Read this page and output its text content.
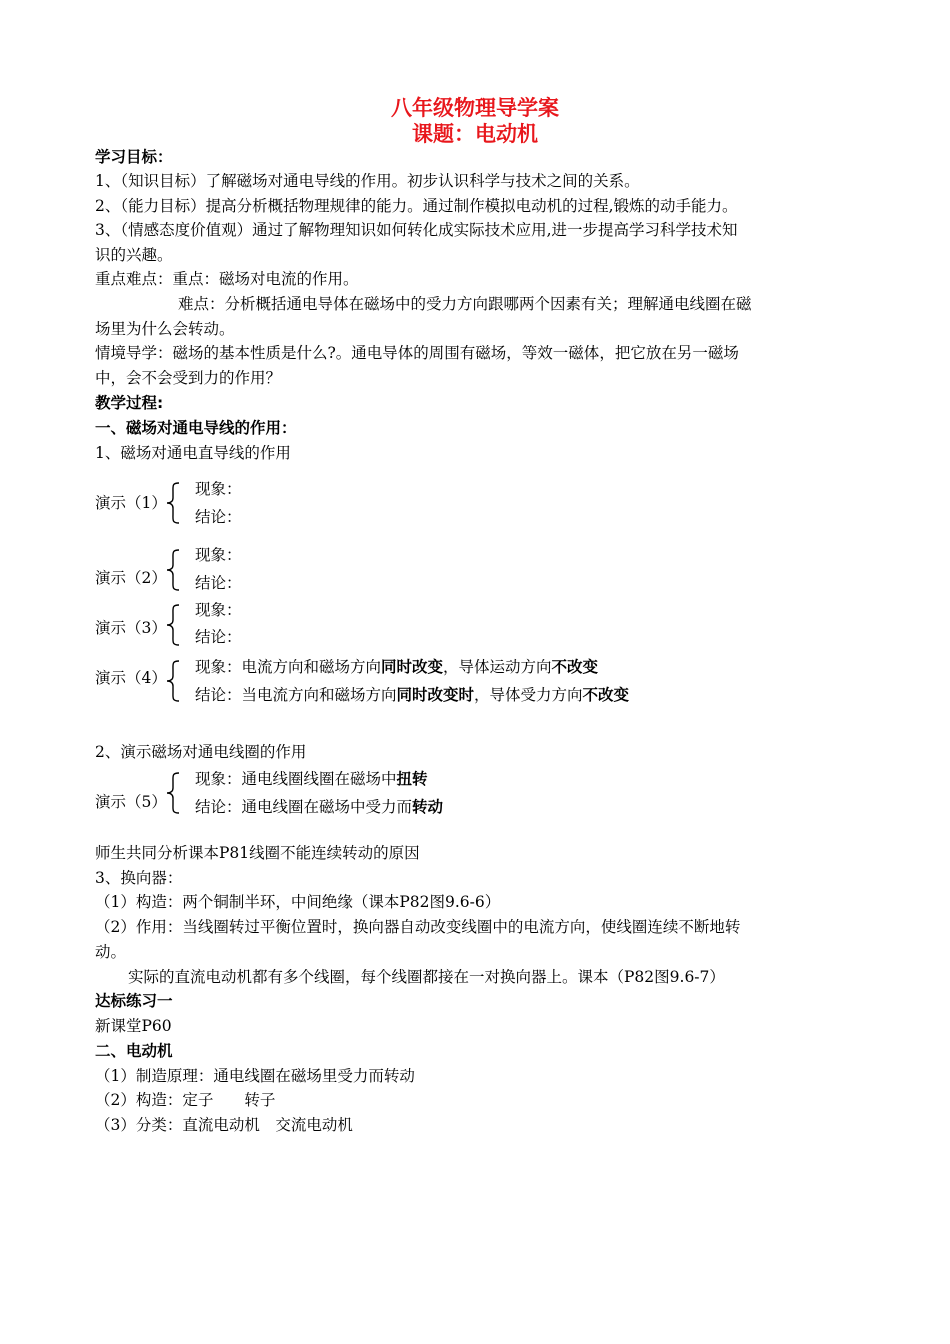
八年级物理导学案
课题：电动机
学习目标：
1、（知识目标）了解磁场对通电导线的作用。初步认识科学与技术之间的关系。
2、（能力目标）提高分析概括物理规律的能力。通过制作模拟电动机的过程,锻炼的动手能力。
3、（情感态度价值观）通过了解物理知识如何转化成实际技术应用,进一步提高学习科学技术知
识的兴趣。
重点难点：重点：磁场对电流的作用。
难点：分析概括通电导体在磁场中的受力方向跟哪两个因素有关；理解通电线圈在磁
场里为什么会转动。
情境导学：磁场的基本性质是什么?。通电导体的周围有磁场，等效一磁体，把它放在另一磁场
中，会不会受到力的作用？
教学过程:
一、磁场对通电导线的作用：
1、磁场对通电直导线的作用
演示（1）
现象：
结论：
演示（2）
现象：
结论：
演示（3）
现象：
结论：
演示（4）
现象：电流方向和磁场方向同时改变，导体运动方向不改变
结论：当电流方向和磁场方向同时改变时，导体受力方向不改变
2、演示磁场对通电线圈的作用
演示（5）
现象：通电线圈线圈在磁场中扭转
结论：通电线圈在磁场中受力而转动
师生共同分析课本P81线圈不能连续转动的原因
3、换向器：
（1）构造：两个铜制半环，中间绝缘（课本P82图9.6-6）
（2）作用：当线圈转过平衡位置时，换向器自动改变线圈中的电流方向，使线圈连续不断地转
动。
实际的直流电动机都有多个线圈，每个线圈都接在一对换向器上。课本（P82图9.6-7）
达标练习一
新课堂P60
二、电动机
（1）制造原理：通电线圈在磁场里受力而转动
（2）构造：定子　　转子
（3）分类：直流电动机　交流电动机
